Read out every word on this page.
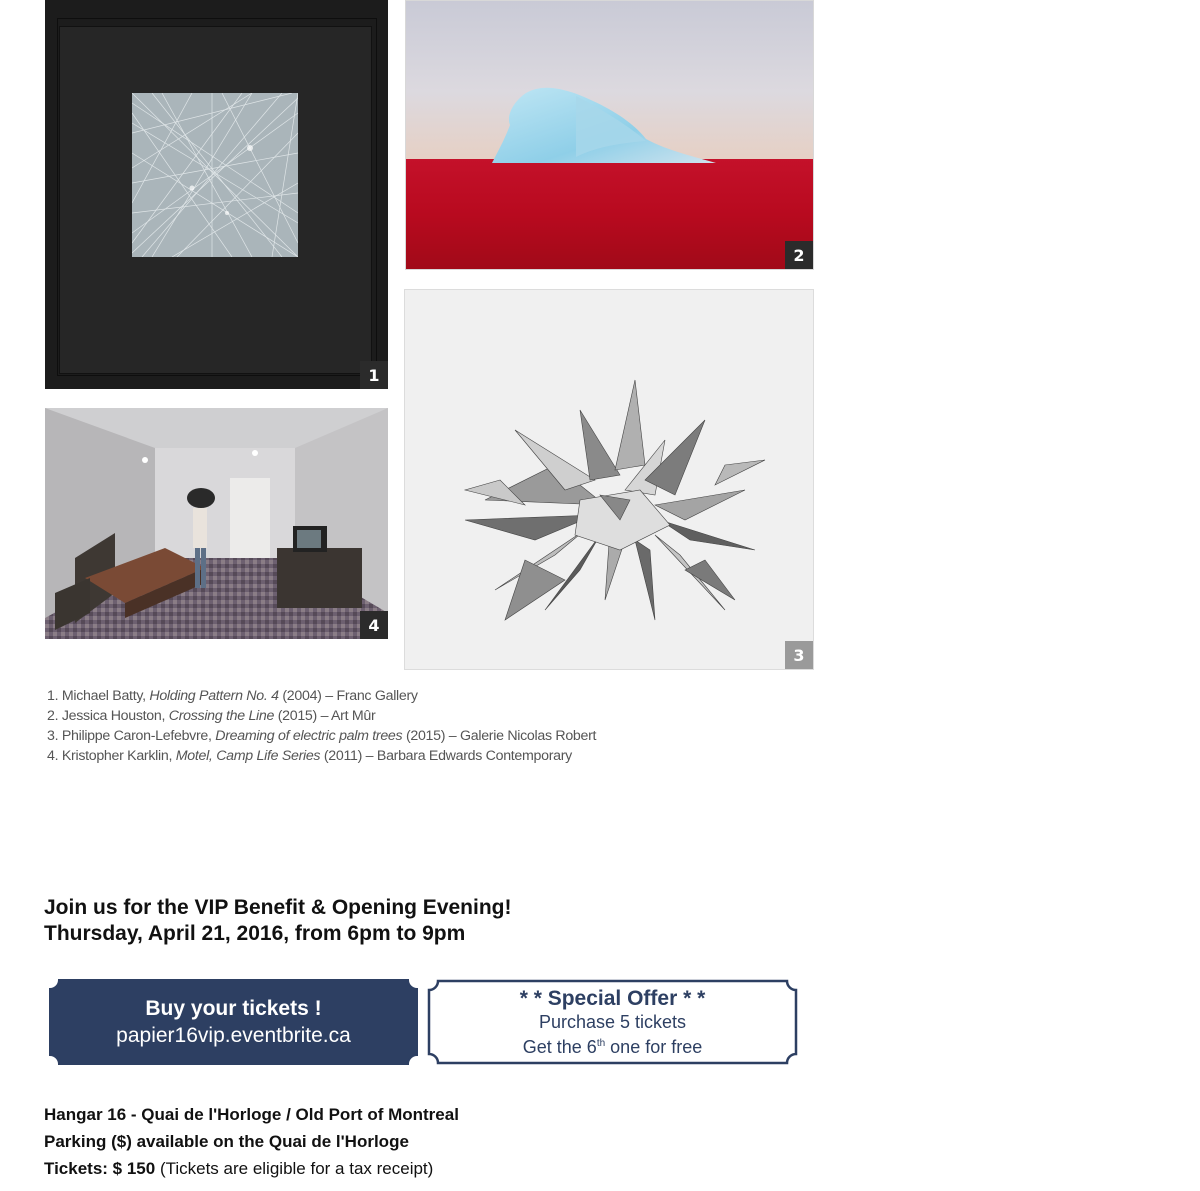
1
2
3
4
1. Michael Batty, Holding Pattern No. 4 (2004) – Franc Gallery
2. Jessica Houston, Crossing the Line (2015) – Art Mûr
3. Philippe Caron-Lefebvre, Dreaming of electric palm trees (2015) – Galerie Nicolas Robert
4. Kristopher Karklin, Motel, Camp Life Series (2011) – Barbara Edwards Contemporary
Join us for the VIP Benefit & Opening Evening!
Thursday, April 21, 2016, from 6pm to 9pm
Buy your tickets !
papier16vip.eventbrite.ca
* * Special Offer * *
Purchase 5 tickets
Get the 6th one for free
Hangar 16 - Quai de l'Horloge / Old Port of Montreal
Parking ($) available on the Quai de l'Horloge
Tickets: $ 150 (Tickets are eligible for a tax receipt)
